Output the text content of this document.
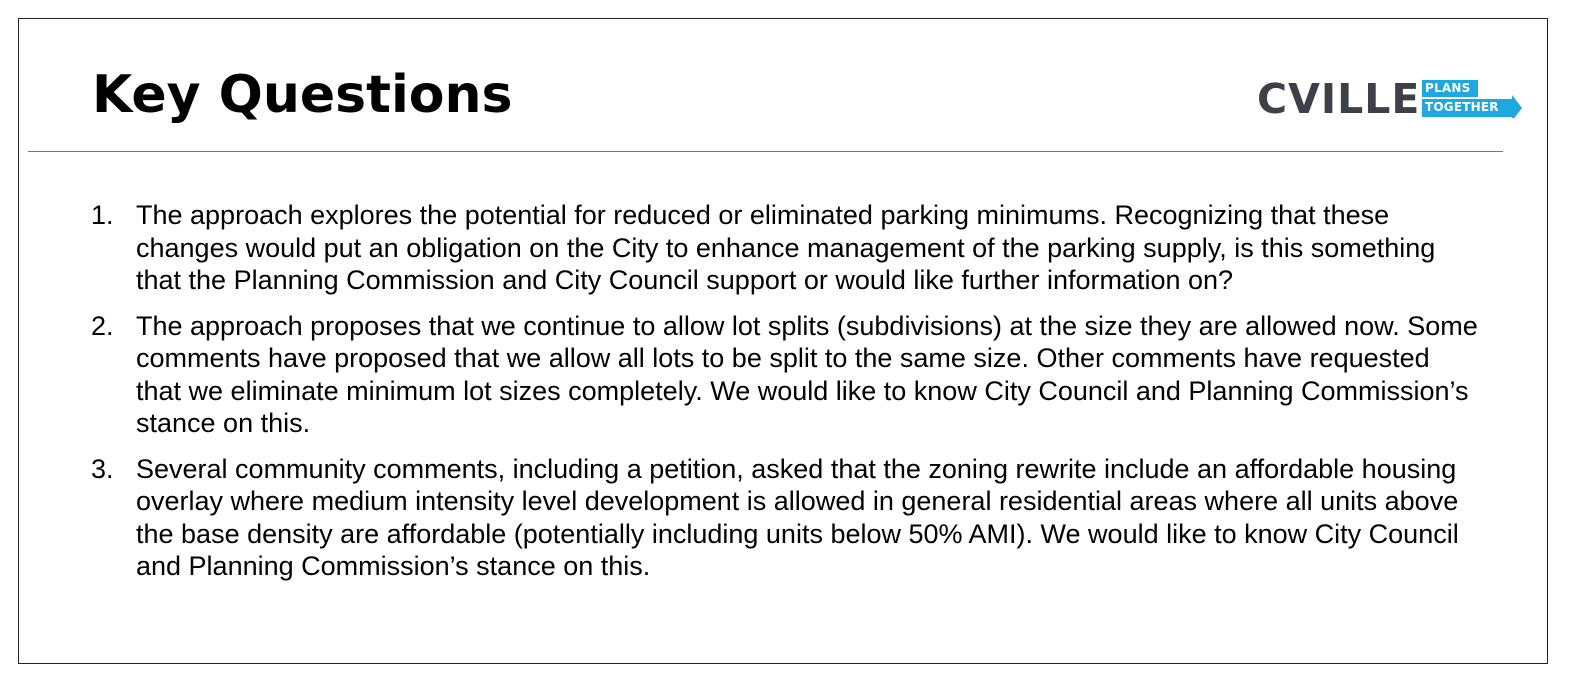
Key Questions	CVILLE PLANS
TOGETHER
1. The approach explores the potential for reduced or eliminated parking minimums. Recognizing that these changes would put an obligation on the City to enhance management of the parking supply, is this something that the Planning Commission and City Council support or would like further information on?
2. The approach proposes that we continue to allow lot splits (subdivisions) at the size they are allowed now. Some comments have proposed that we allow all lots to be split to the same size. Other comments have requested that we eliminate minimum lot sizes completely. We would like to know City Council and Planning Commission’s stance on this.
3. Several community comments, including a petition, asked that the zoning rewrite include an affordable housing overlay where medium intensity level development is allowed in general residential areas where all units above the base density are affordable (potentially including units below 50% AMI). We would like to know City Council and Planning Commission’s stance on this.
